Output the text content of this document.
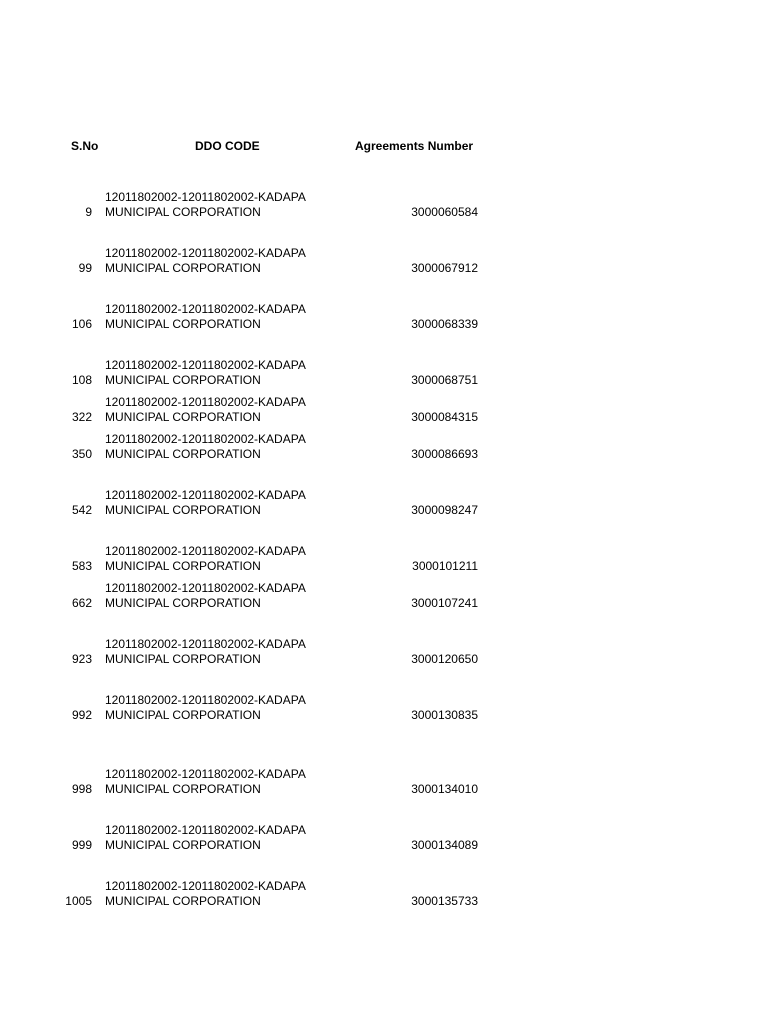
S.No	DDO CODE	Agreements Number
9
12011802002-12011802002-KADAPA
MUNICIPAL CORPORATION	3000060584
99
12011802002-12011802002-KADAPA
MUNICIPAL CORPORATION	3000067912
106
12011802002-12011802002-KADAPA
MUNICIPAL CORPORATION	3000068339
108
12011802002-12011802002-KADAPA
MUNICIPAL CORPORATION	3000068751
322
12011802002-12011802002-KADAPA
MUNICIPAL CORPORATION	3000084315
350
12011802002-12011802002-KADAPA
MUNICIPAL CORPORATION	3000086693
542
12011802002-12011802002-KADAPA
MUNICIPAL CORPORATION	3000098247
583
12011802002-12011802002-KADAPA
MUNICIPAL CORPORATION	3000101211
662
12011802002-12011802002-KADAPA
MUNICIPAL CORPORATION	3000107241
923
12011802002-12011802002-KADAPA
MUNICIPAL CORPORATION	3000120650
992
12011802002-12011802002-KADAPA
MUNICIPAL CORPORATION	3000130835
998
12011802002-12011802002-KADAPA
MUNICIPAL CORPORATION	3000134010
999
12011802002-12011802002-KADAPA
MUNICIPAL CORPORATION	3000134089
1005
12011802002-12011802002-KADAPA
MUNICIPAL CORPORATION	3000135733
